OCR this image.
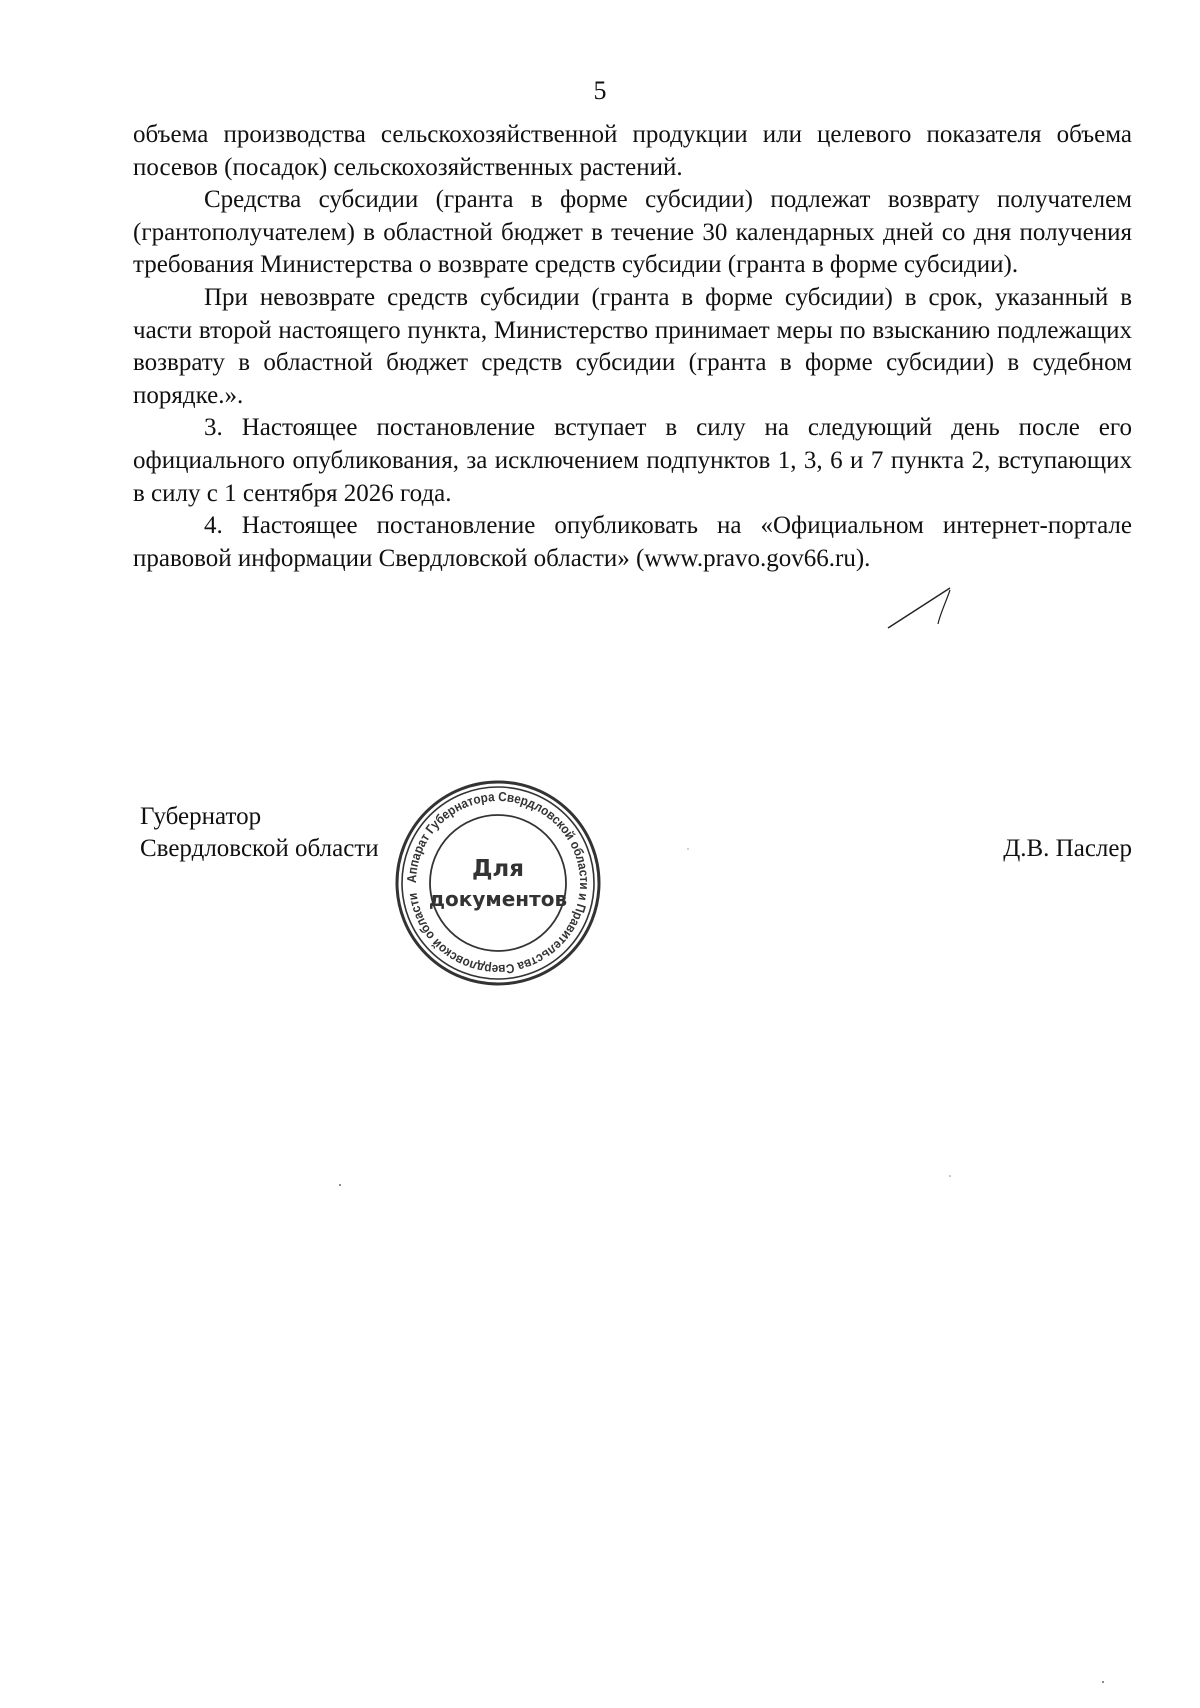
5

объема производства сельскохозяйственной продукции или целевого показателя объема посевов (посадок) сельскохозяйственных растений.

Средства субсидии (гранта в форме субсидии) подлежат возврату получателем (грантополучателем) в областной бюджет в течение 30 календарных дней со дня получения требования Министерства о возврате средств субсидии (гранта в форме субсидии).

При невозврате средств субсидии (гранта в форме субсидии) в срок, указанный в части второй настоящего пункта, Министерство принимает меры по взысканию подлежащих возврату в областной бюджет средств субсидии (гранта в форме субсидии) в судебном порядке.».

3. Настоящее постановление вступает в силу на следующий день после его официального опубликования, за исключением подпунктов 1, 3, 6 и 7 пункта 2, вступающих в силу с 1 сентября 2026 года.

4. Настоящее постановление опубликовать на «Официальном интернет-портале правовой информации Свердловской области» (www.pravo.gov66.ru).

Губернатор
Свердловской области	Д.В. Паслер
Аппарат Губернатора Свердловской области и Правительства Свердловской области
Для
документов
